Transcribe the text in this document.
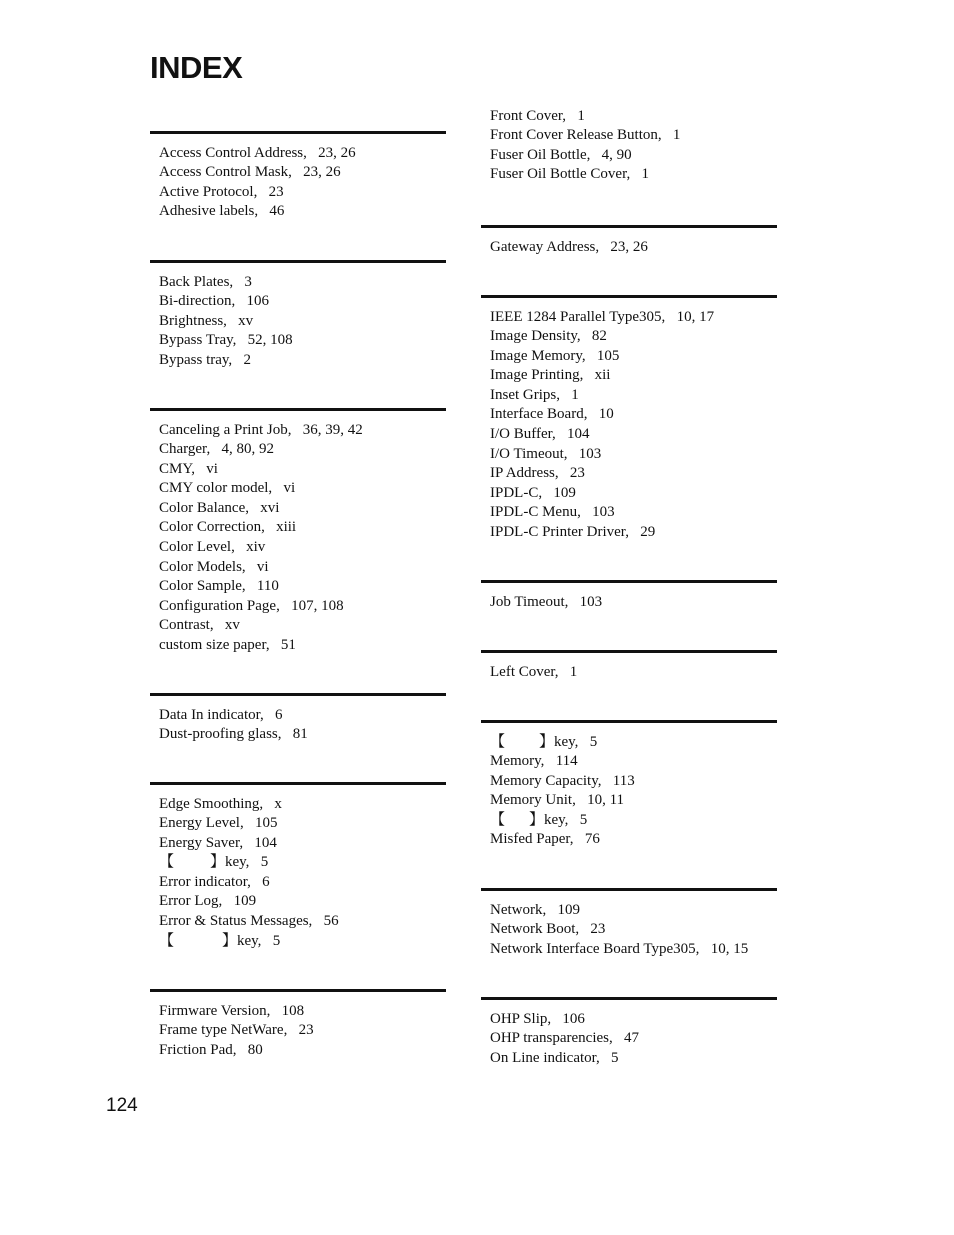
INDEX
Access Control Address, 23, 26
Access Control Mask, 23, 26
Active Protocol, 23
Adhesive labels, 46
Back Plates, 3
Bi-direction, 106
Brightness, xv
Bypass Tray, 52, 108
Bypass tray, 2
Canceling a Print Job, 36, 39, 42
Charger, 4, 80, 92
CMY, vi
CMY color model, vi
Color Balance, xvi
Color Correction, xiii
Color Level, xiv
Color Models, vi
Color Sample, 110
Configuration Page, 107, 108
Contrast, xv
custom size paper, 51
Data In indicator, 6
Dust-proofing glass, 81
Edge Smoothing, x
Energy Level, 105
Energy Saver, 104
【 】key, 5
Error indicator, 6
Error Log, 109
Error & Status Messages, 56
【	】key, 5
Firmware Version, 108
Frame type NetWare, 23
Friction Pad, 80
Front Cover, 1
Front Cover Release Button, 1
Fuser Oil Bottle, 4, 90
Fuser Oil Bottle Cover, 1
Gateway Address, 23, 26
IEEE 1284 Parallel Type305, 10, 17
Image Density, 82
Image Memory, 105
Image Printing, xii
Inset Grips, 1
Interface Board, 10
I/O Buffer, 104
I/O Timeout, 103
IP Address, 23
IPDL-C, 109
IPDL-C Menu, 103
IPDL-C Printer Driver, 29
Job Timeout, 103
Left Cover, 1
【 】key, 5
Memory, 114
Memory Capacity, 113
Memory Unit, 10, 11
【 】key, 5
Misfed Paper, 76
Network, 109
Network Boot, 23
Network Interface Board Type305, 10, 15
OHP Slip, 106
OHP transparencies, 47
On Line indicator, 5
124
